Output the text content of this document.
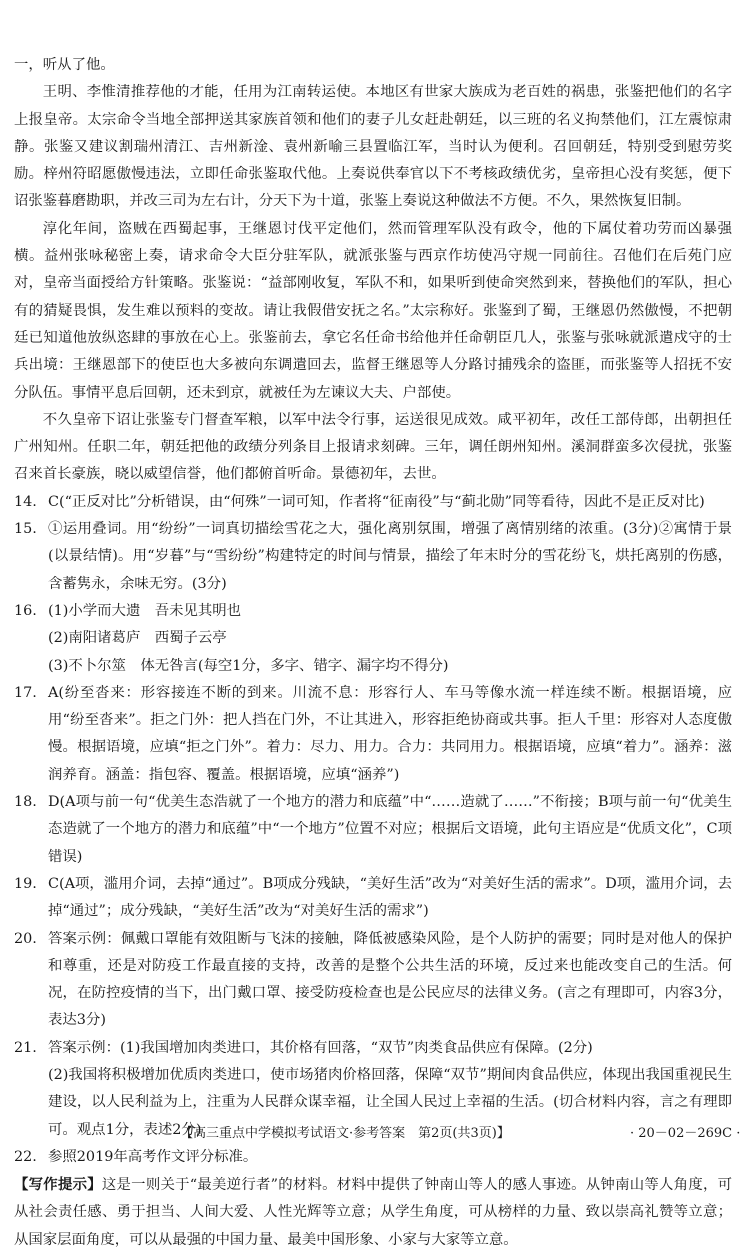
一，听从了他。

王明、李惟清推荐他的才能，任用为江南转运使。本地区有世家大族成为老百姓的祸患，张鉴把他们的名字上报皇帝。太宗命令当地全部押送其家族首领和他们的妻子儿女赶赴朝廷，以三班的名义拘禁他们，江左震惊肃静。张鉴又建议割瑞州清江、吉州新淦、袁州新喻三县置临江军，当时认为便利。召回朝廷，特别受到慰劳奖励。梓州符昭愿傲慢违法，立即任命张鉴取代他。上奏说供奉官以下不考核政绩优劣，皇帝担心没有奖惩，便下诏张鉴暮磨勘职，并改三司为左右计，分天下为十道，张鉴上奏说这种做法不方便。不久，果然恢复旧制。

淳化年间，盗贼在西蜀起事，王继恩讨伐平定他们，然而管理军队没有政令，他的下属仗着功劳而凶暴强横。益州张咏秘密上奏，请求命令大臣分驻军队，就派张鉴与西京作坊使冯守规一同前往。召他们在后苑门应对，皇帝当面授给方针策略。张鉴说：“益部刚收复，军队不和，如果听到使命突然到来，替换他们的军队，担心有的猜疑畏惧，发生难以预料的变故。请让我假借安抚之名。”太宗称好。张鉴到了蜀，王继恩仍然傲慢，不把朝廷已知道他放纵恣肆的事放在心上。张鉴前去，拿它名任命书给他并任命朝臣几人，张鉴与张咏就派遣戍守的士兵出境：王继恩部下的使臣也大多被向东调遣回去，监督王继恩等人分路讨捕残余的盗匪，而张鉴等人招抚不安分队伍。事情平息后回朝，还未到京，就被任为左谏议大夫、户部使。

不久皇帝下诏让张鉴专门督查军粮，以军中法令行事，运送很见成效。咸平初年，改任工部侍郎，出朝担任广州知州。任职二年，朝廷把他的政绩分列条目上报请求刻碑。三年，调任朗州知州。溪洞群蛮多次侵扰，张鉴召来首长豪族，晓以威望信誉，他们都俯首听命。景德初年，去世。

14. C(“正反对比”分析错误，由“何殊”一词可知，作者将“征南役”与“蓟北勋”同等看待，因此不是正反对比)
15. ①运用叠词。用“纷纷”一词真切描绘雪花之大，强化离别氛围，增强了离情别绪的浓重。(3分)②寓情于景(以景结情)。用“岁暮”与“雪纷纷”构建特定的时间与情景，描绘了年末时分的雪花纷飞，烘托离别的伤感，含蓄隽永，余味无穷。(3分)
16. (1)小学而大遗　吾未见其明也
(2)南阳诸葛庐　西蜀子云亭
(3)不卜尔筮　体无咎言(每空1分，多字、错字、漏字均不得分)
17. A(纷至沓来：形容接连不断的到来。川流不息：形容行人、车马等像水流一样连续不断。根据语境，应用“纷至沓来”。拒之门外：把人挡在门外，不让其进入，形容拒绝协商或共事。拒人千里：形容对人态度傲慢。根据语境，应填“拒之门外”。着力：尽力、用力。合力：共同用力。根据语境，应填“着力”。涵养：滋润养育。涵盖：指包容、覆盖。根据语境，应填“涵养”)
18. D(A项与前一句“优美生态浩就了一个地方的潜力和底蕴”中“……造就了……”不衔接；B项与前一句“优美生态造就了一个地方的潜力和底蕴”中“一个地方”位置不对应；根据后文语境，此句主语应是“优质文化”，C项错误)
19. C(A项，滥用介词，去掉“通过”。B项成分残缺，“美好生活”改为“对美好生活的需求”。D项，滥用介词，去掉“通过”；成分残缺，“美好生活”改为“对美好生活的需求”)
20. 答案示例：佩戴口罩能有效阻断与飞沫的接触，降低被感染风险，是个人防护的需要；同时是对他人的保护和尊重，还是对防疫工作最直接的支持，改善的是整个公共生活的环境，反过来也能改变自己的生活。何况，在防控疫情的当下，出门戴口罩、接受防疫检查也是公民应尽的法律义务。(言之有理即可，内容3分，表达3分)
21. 答案示例：(1)我国增加肉类进口，其价格有回落，“双节”肉类食品供应有保障。(2分)
(2)我国将积极增加优质肉类进口，使市场猪肉价格回落，保障“双节”期间肉食品供应，体现出我国重视民生建设，以人民利益为上，注重为人民群众谋幸福，让全国人民过上幸福的生活。(切合材料内容，言之有理即可。观点1分，表述2分)
22. 参照2019年高考作文评分标准。

【写作提示】这是一则关于“最美逆行者”的材料。材料中提供了钟南山等人的感人事迹。从钟南山等人角度，可从社会责任感、勇于担当、人间大爱、人性光辉等立意；从学生角度，可从榜样的力量、致以崇高礼赞等立意；从国家层面角度，可以从最强的中国力量、最美中国形象、小家与大家等立意。

【高三重点中学模拟考试语文·参考答案　第2页(共3页)】	· 20－02－269C ·
